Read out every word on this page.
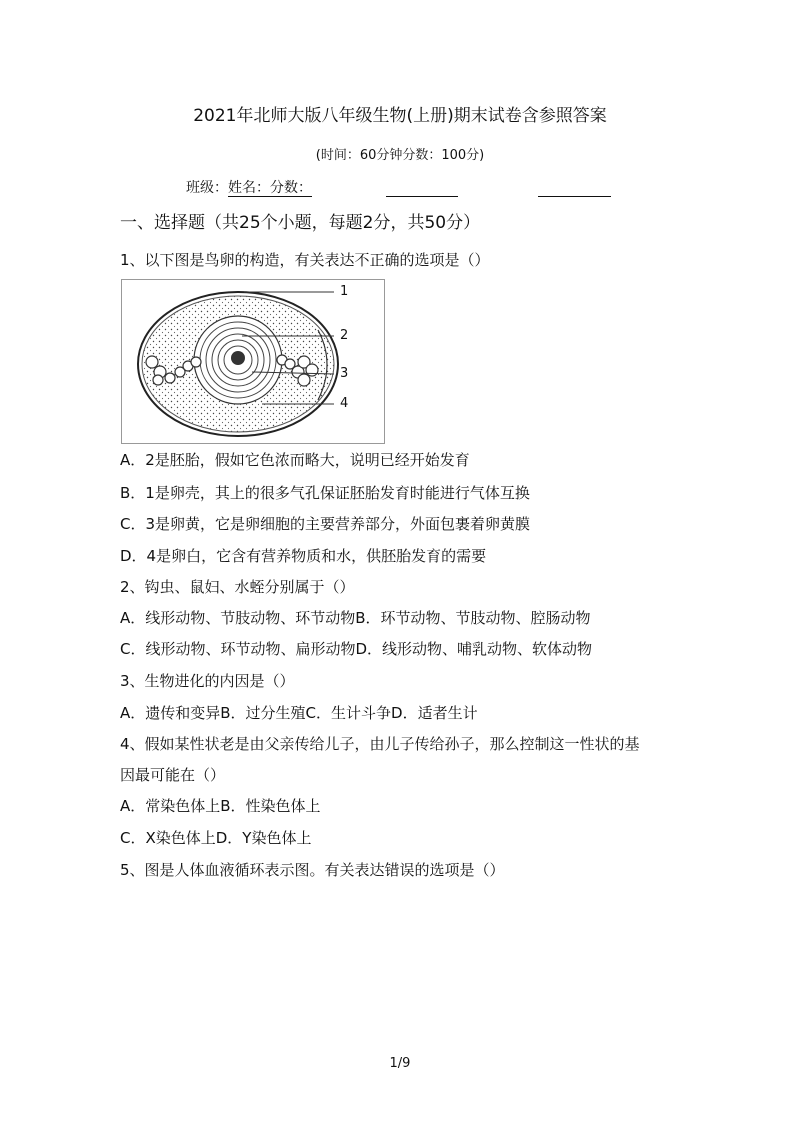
2021年北师大版八年级生物(上册)期末试卷含参照答案
(时间：60分钟分数：100分)
班级：姓名：分数：
一、选择题（共25个小题，每题2分，共50分）
1、以下图是鸟卵的构造，有关表达不正确的选项是（）
1
2
3
4
A．2是胚胎，假如它色浓而略大，说明已经开始发育
B．1是卵壳，其上的很多气孔保证胚胎发育时能进行气体互换
C．3是卵黄，它是卵细胞的主要营养部分，外面包裹着卵黄膜
D．4是卵白，它含有营养物质和水，供胚胎发育的需要
2、钩虫、鼠妇、水蛭分别属于（）
A．线形动物、节肢动物、环节动物B．环节动物、节肢动物、腔肠动物
C．线形动物、环节动物、扁形动物D．线形动物、哺乳动物、软体动物
3、生物进化的内因是（）
A．遗传和变异B．过分生殖C．生计斗争D．适者生计
4、假如某性状老是由父亲传给儿子，由儿子传给孙子，那么控制这一性状的基
因最可能在（）
A．常染色体上B．性染色体上
C．X染色体上D．Y染色体上
5、图是人体血液循环表示图。有关表达错误的选项是（）
1/9
